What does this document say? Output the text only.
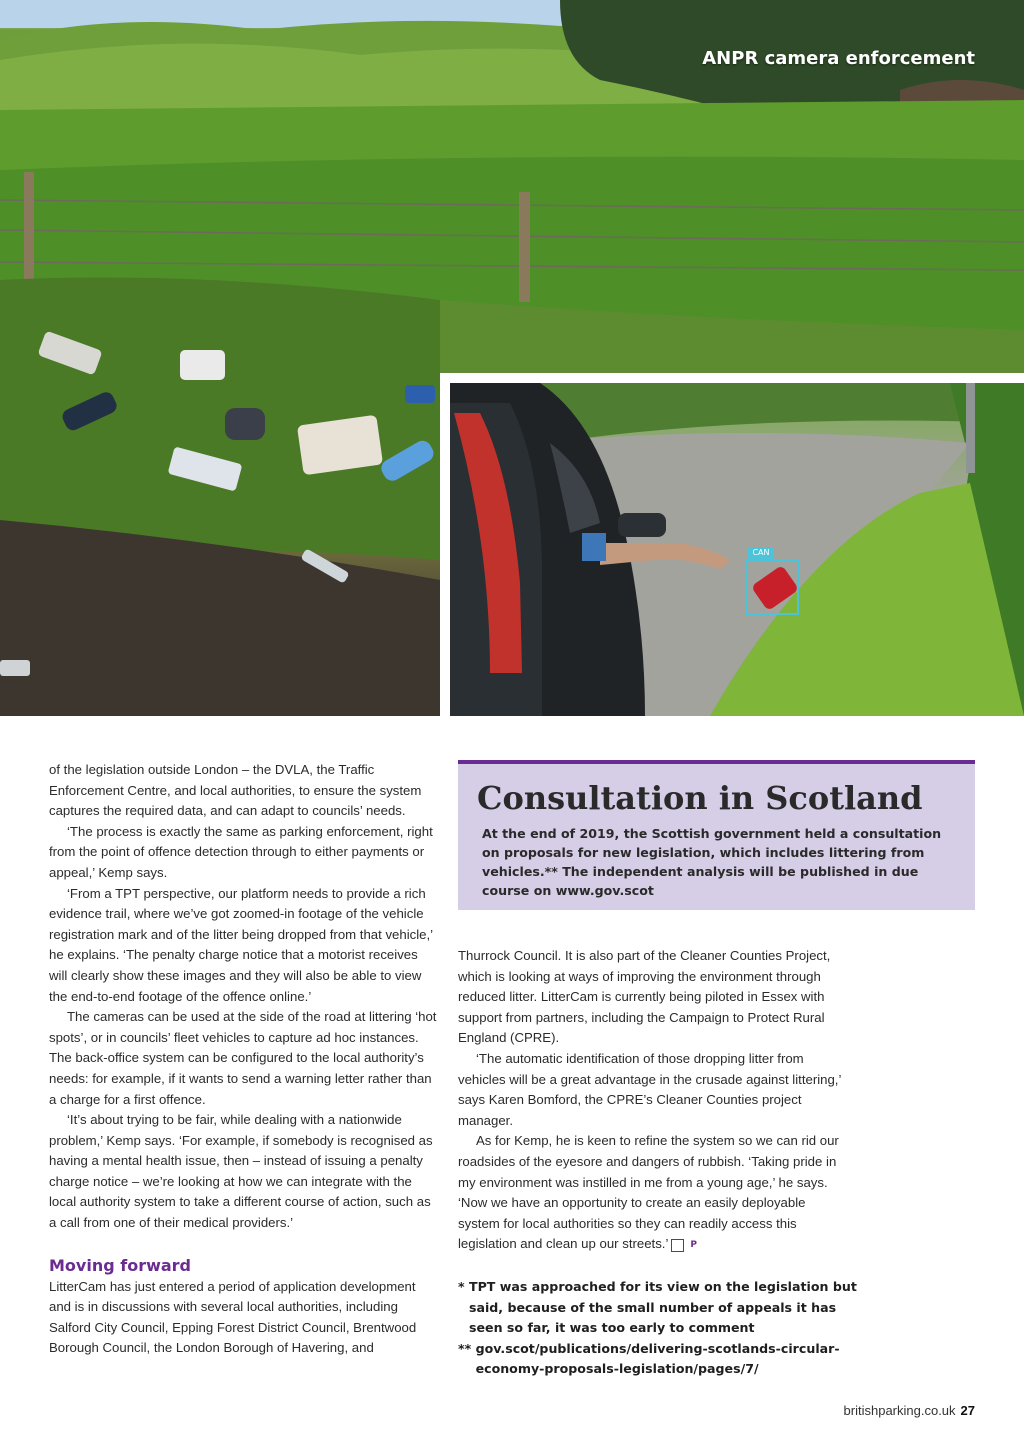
ANPR camera enforcement
CAN

of the legislation outside London – the DVLA, the Traffic Enforcement Centre, and local authorities, to ensure the system captures the required data, and can adapt to councils’ needs.

‘The process is exactly the same as parking enforcement, right from the point of offence detection through to either payments or appeal,’ Kemp says.

‘From a TPT perspective, our platform needs to provide a rich evidence trail, where we’ve got zoomed-in footage of the vehicle registration mark and of the litter being dropped from that vehicle,’ he explains. ‘The penalty charge notice that a motorist receives will clearly show these images and they will also be able to view the end-to-end footage of the offence online.’

The cameras can be used at the side of the road at littering ‘hot spots’, or in councils’ fleet vehicles to capture ad hoc instances. The back-office system can be configured to the local authority’s needs: for example, if it wants to send a warning letter rather than a charge for a first offence.

‘It’s about trying to be fair, while dealing with a nationwide problem,’ Kemp says. ‘For example, if somebody is recognised as having a mental health issue, then – instead of issuing a penalty charge notice – we’re looking at how we can integrate with the local authority system to take a different course of action, such as a call from one of their medical providers.’

Moving forward

LitterCam has just entered a period of application development and is in discussions with several local authorities, including Salford City Council, Epping Forest District Council, Brentwood Borough Council, the London Borough of Havering, and

Consultation in Scotland
At the end of 2019, the Scottish government held a consultation on proposals for new legislation, which includes littering from vehicles.** The independent analysis will be published in due course on www.gov.scot

Thurrock Council. It is also part of the Cleaner Counties Project, which is looking at ways of improving the environment through reduced litter. LitterCam is currently being piloted in Essex with support from partners, including the Campaign to Protect Rural England (CPRE).

‘The automatic identification of those dropping litter from vehicles will be a great advantage in the crusade against littering,’ says Karen Bomford, the CPRE’s Cleaner Counties project manager.

As for Kemp, he is keen to refine the system so we can rid our roadsides of the eyesore and dangers of rubbish. ‘Taking pride in my environment was instilled in me from a young age,’ he says. ‘Now we have an opportunity to create an easily deployable system for local authorities so they can readily access this legislation and clean up our streets.’ P

* TPT was approached for its view on the legislation but said, because of the small number of appeals it has seen so far, it was too early to comment
** gov.scot/publications/delivering-scotlands-circular-economy-proposals-legislation/pages/7/
britishparking.co.uk 27
